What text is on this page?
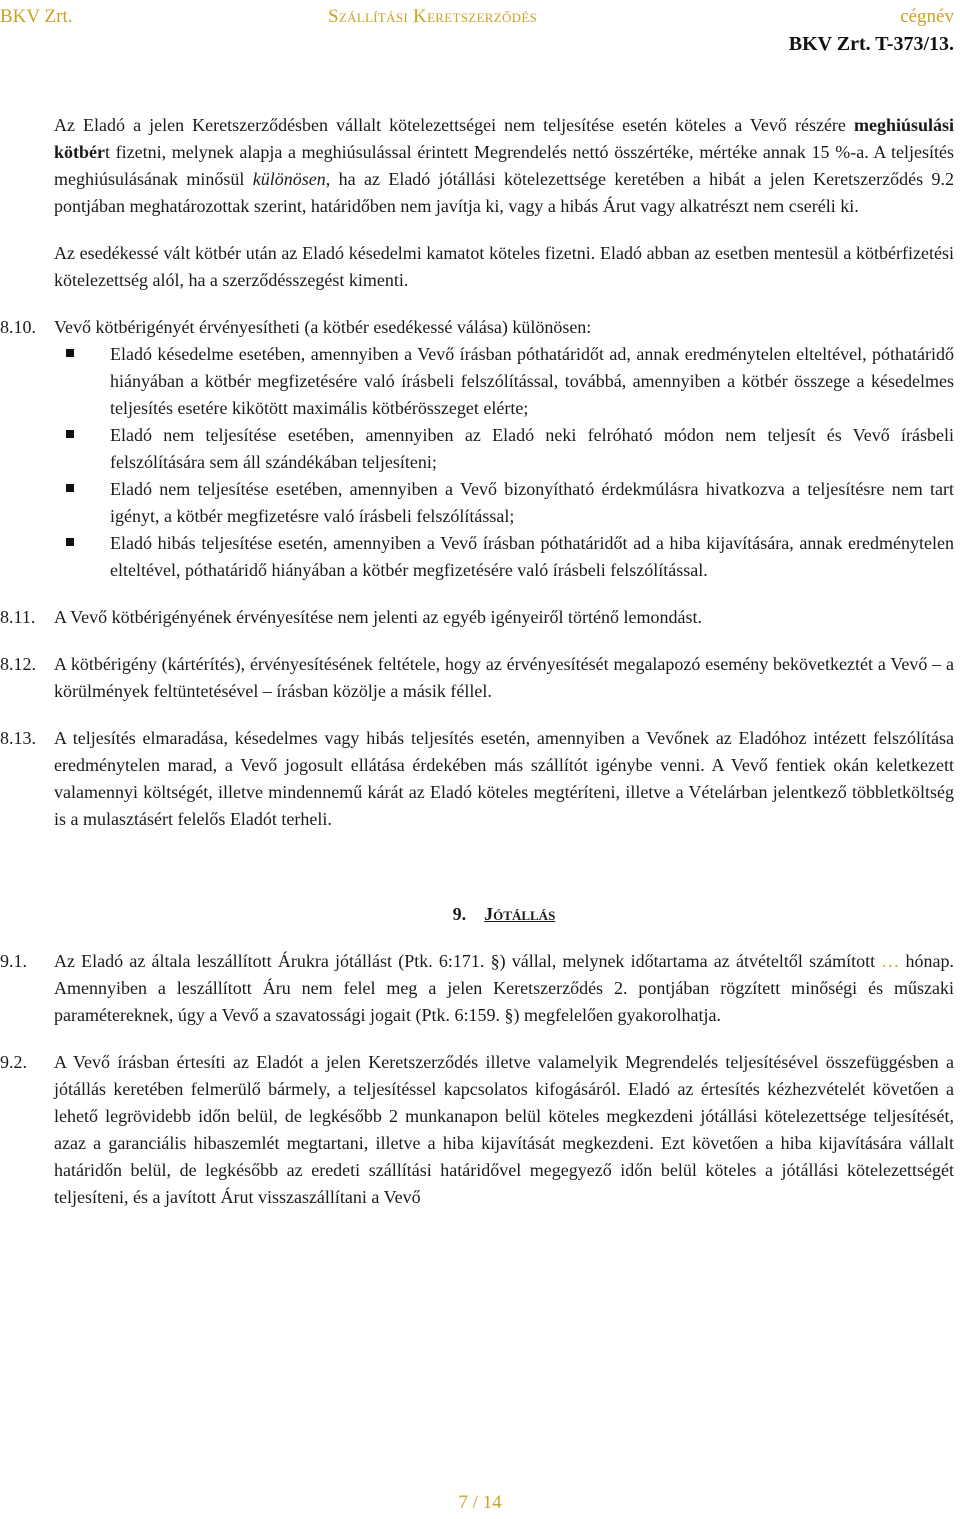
BKV Zrt.	Szállítási Keretszerződés	cégnév
BKV Zrt. T-373/13.

Az Eladó a jelen Keretszerződésben vállalt kötelezettségei nem teljesítése esetén köteles a Vevő részére meghiúsulási kötbért fizetni, melynek alapja a meghiúsulással érintett Megrendelés nettó összértéke, mértéke annak 15 %-a. A teljesítés meghiúsulásának minősül különösen, ha az Eladó jótállási kötelezettsége keretében a hibát a jelen Keretszerződés 9.2 pontjában meghatározottak szerint, határidőben nem javítja ki, vagy a hibás Árut vagy alkatrészt nem cseréli ki.

Az esedékessé vált kötbér után az Eladó késedelmi kamatot köteles fizetni. Eladó abban az esetben mentesül a kötbérfizetési kötelezettség alól, ha a szerződésszegést kimenti.

8.10. Vevő kötbérigényét érvényesítheti (a kötbér esedékessé válása) különösen:

Eladó késedelme esetében, amennyiben a Vevő írásban póthatáridőt ad, annak eredménytelen elteltével, póthatáridő hiányában a kötbér megfizetésére való írásbeli felszólítással, továbbá, amennyiben a kötbér összege a késedelmes teljesítés esetére kikötött maximális kötbérösszeget elérte;
Eladó nem teljesítése esetében, amennyiben az Eladó neki felróható módon nem teljesít és Vevő írásbeli felszólítására sem áll szándékában teljesíteni;
Eladó nem teljesítése esetében, amennyiben a Vevő bizonyítható érdekmúlásra hivatkozva a teljesítésre nem tart igényt, a kötbér megfizetésre való írásbeli felszólítással;
Eladó hibás teljesítése esetén, amennyiben a Vevő írásban póthatáridőt ad a hiba kijavítására, annak eredménytelen elteltével, póthatáridő hiányában a kötbér megfizetésére való írásbeli felszólítással.
8.11. A Vevő kötbérigényének érvényesítése nem jelenti az egyéb igényeiről történő lemondást.

8.12. A kötbérigény (kártérítés), érvényesítésének feltétele, hogy az érvényesítését megalapozó esemény bekövetkeztét a Vevő – a körülmények feltüntetésével – írásban közölje a másik féllel.

8.13. A teljesítés elmaradása, késedelmes vagy hibás teljesítés esetén, amennyiben a Vevőnek az Eladóhoz intézett felszólítása eredménytelen marad, a Vevő jogosult ellátása érdekében más szállítót igénybe venni. A Vevő fentiek okán keletkezett valamennyi költségét, illetve mindennemű kárát az Eladó köteles megtéríteni, illetve a Vételárban jelentkező többletköltség is a mulasztásért felelős Eladót terheli.

9. Jótállás

9.1. Az Eladó az általa leszállított Árukra jótállást (Ptk. 6:171. §) vállal, melynek időtartama az átvételtől számított … hónap. Amennyiben a leszállított Áru nem felel meg a jelen Keretszerződés 2. pontjában rögzített minőségi és műszaki paramétereknek, úgy a Vevő a szavatossági jogait (Ptk. 6:159. §) megfelelően gyakorolhatja.

9.2. A Vevő írásban értesíti az Eladót a jelen Keretszerződés illetve valamelyik Megrendelés teljesítésével összefüggésben a jótállás keretében felmerülő bármely, a teljesítéssel kapcsolatos kifogásáról. Eladó az értesítés kézhezvételét követően a lehető legrövidebb időn belül, de legkésőbb 2 munkanapon belül köteles megkezdeni jótállási kötelezettsége teljesítését, azaz a garanciális hibaszemlét megtartani, illetve a hiba kijavítását megkezdeni. Ezt követően a hiba kijavítására vállalt határidőn belül, de legkésőbb az eredeti szállítási határidővel megegyező időn belül köteles a jótállási kötelezettségét teljesíteni, és a javított Árut visszaszállítani a Vevő

7 / 14
